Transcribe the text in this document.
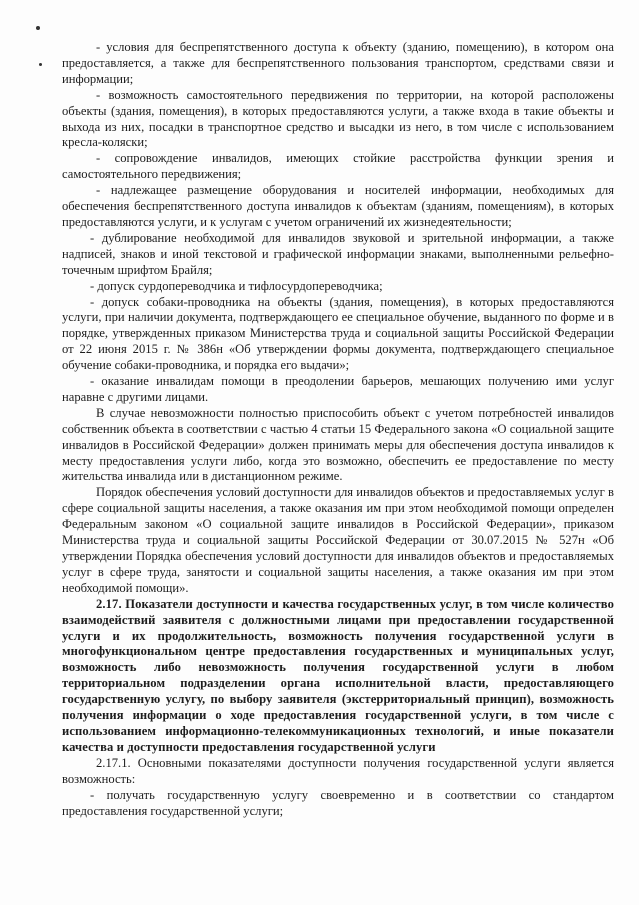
- условия для беспрепятственного доступа к объекту (зданию, помещению), в котором она предоставляется, а также для беспрепятственного пользования транспортом, средствами связи и информации;

- возможность самостоятельного передвижения по территории, на которой расположены объекты (здания, помещения), в которых предоставляются услуги, а также входа в такие объекты и выхода из них, посадки в транспортное средство и высадки из него, в том числе с использованием кресла-коляски;

- сопровождение инвалидов, имеющих стойкие расстройства функции зрения и самостоятельного передвижения;

- надлежащее размещение оборудования и носителей информации, необходимых для обеспечения беспрепятственного доступа инвалидов к объектам (зданиям, помещениям), в которых предоставляются услуги, и к услугам с учетом ограничений их жизнедеятельности;

- дублирование необходимой для инвалидов звуковой и зрительной информации, а также надписей, знаков и иной текстовой и графической информации знаками, выполненными рельефно-точечным шрифтом Брайля;

- допуск сурдопереводчика и тифлосурдопереводчика;

- допуск собаки-проводника на объекты (здания, помещения), в которых предоставляются услуги, при наличии документа, подтверждающего ее специальное обучение, выданного по форме и в порядке, утвержденных приказом Министерства труда и социальной защиты Российской Федерации от 22 июня 2015 г. № 386н «Об утверждении формы документа, подтверждающего специальное обучение собаки-проводника, и порядка его выдачи»;

- оказание инвалидам помощи в преодолении барьеров, мешающих получению ими услуг наравне с другими лицами.

В случае невозможности полностью приспособить объект с учетом потребностей инвалидов собственник объекта в соответствии с частью 4 статьи 15 Федерального закона «О социальной защите инвалидов в Российской Федерации» должен принимать меры для обеспечения доступа инвалидов к месту предоставления услуги либо, когда это возможно, обеспечить ее предоставление по месту жительства инвалида или в дистанционном режиме.

Порядок обеспечения условий доступности для инвалидов объектов и предоставляемых услуг в сфере социальной защиты населения, а также оказания им при этом необходимой помощи определен Федеральным законом «О социальной защите инвалидов в Российской Федерации», приказом Министерства труда и социальной защиты Российской Федерации от 30.07.2015 № 527н «Об утверждении Порядка обеспечения условий доступности для инвалидов объектов и предоставляемых услуг в сфере труда, занятости и социальной защиты населения, а также оказания им при этом необходимой помощи».

2.17. Показатели доступности и качества государственных услуг, в том числе количество взаимодействий заявителя с должностными лицами при предоставлении государственной услуги и их продолжительность, возможность получения государственной услуги в многофункциональном центре предоставления государственных и муниципальных услуг, возможность либо невозможность получения государственной услуги в любом территориальном подразделении органа исполнительной власти, предоставляющего государственную услугу, по выбору заявителя (экстерриториальный принцип), возможность получения информации о ходе предоставления государственной услуги, в том числе с использованием информационно-телекоммуникационных технологий, и иные показатели качества и доступности предоставления государственной услуги

2.17.1. Основными показателями доступности получения государственной услуги является возможность:

- получать государственную услугу своевременно и в соответствии со стандартом предоставления государственной услуги;
